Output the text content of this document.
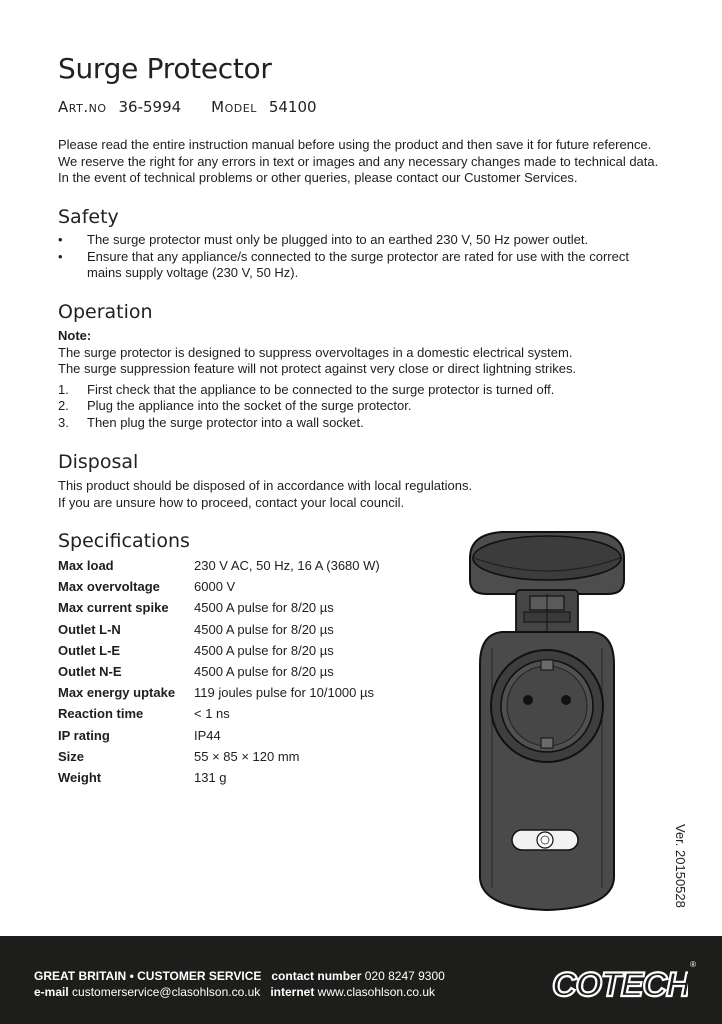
Surge Protector
Art.no 36-5994 Model 54100

Please read the entire instruction manual before using the product and then save it for future reference.

We reserve the right for any errors in text or images and any necessary changes made to technical data.

In the event of technical problems or other queries, please contact our Customer Services.

Safety
• The surge protector must only be plugged into to an earthed 230 V, 50 Hz power outlet.
• Ensure that any appliance/s connected to the surge protector are rated for use with the correct
mains supply voltage (230 V, 50 Hz).
Operation

Note:

The surge protector is designed to suppress overvoltages in a domestic electrical system.

The surge suppression feature will not protect against very close or direct lightning strikes.

1. First check that the appliance to be connected to the surge protector is turned off.
2. Plug the appliance into the socket of the surge protector.
3. Then plug the surge protector into a wall socket.
Disposal

This product should be disposed of in accordance with local regulations.

If you are unsure how to proceed, contact your local council.

Specifications
Max load	230 V AC, 50 Hz, 16 A (3680 W)
Max overvoltage	6000 V
Max current spike	4500 A pulse for 8/20 µs
Outlet L-N	4500 A pulse for 8/20 µs
Outlet L-E	4500 A pulse for 8/20 µs
Outlet N-E	4500 A pulse for 8/20 µs
Max energy uptake	119 joules pulse for 10/1000 µs
Reaction time	< 1 ns
IP rating	IP44
Size	55 × 85 × 120 mm
Weight	131 g
Ver. 20150528
GREAT BRITAIN • CUSTOMER SERVICE contact number 020 8247 9300
e-mail customerservice@clasohlson.co.uk internet www.clasohlson.co.uk	COTECH
®
